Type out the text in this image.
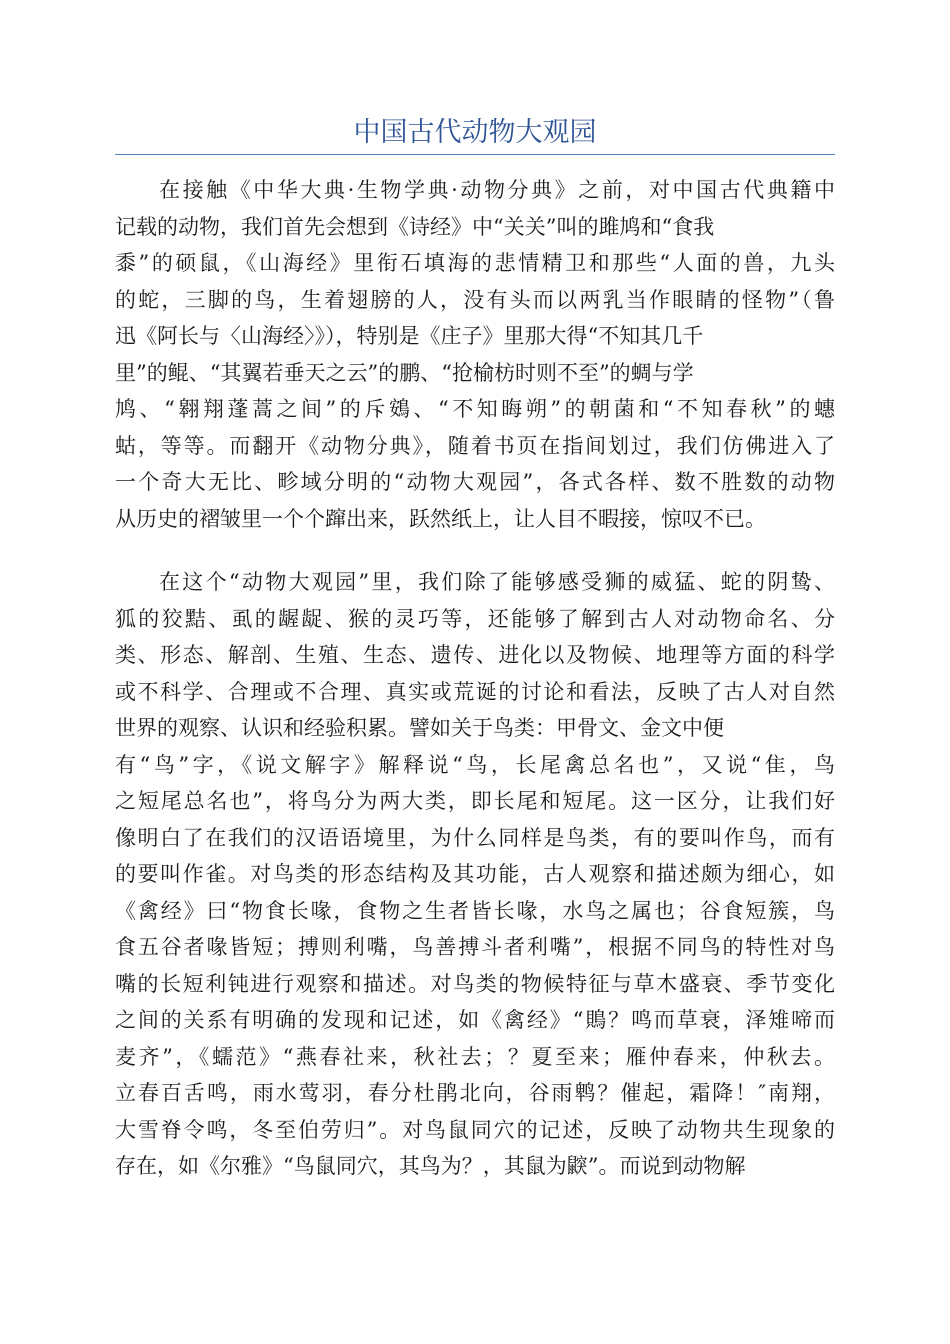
中国古代动物大观园

在接触《中华大典·生物学典·动物分典》之前，对中国古代典籍中
记载的动物，我们首先会想到《诗经》中“关关”叫的雎鸠和“食我
黍”的硕鼠，《山海经》里衔石填海的悲情精卫和那些“人面的兽，九头
的蛇，三脚的鸟，生着翅膀的人，没有头而以两乳当作眼睛的怪物”（鲁
迅《阿长与〈山海经〉》），特别是《庄子》里那大得“不知其几千
里”的鲲、“其翼若垂天之云”的鹏、“抢榆枋时则不至”的蜩与学
鸠、“翱翔蓬蒿之间”的斥鴳、“不知晦朔”的朝菌和“不知春秋”的蟪
蛄，等等。而翻开《动物分典》，随着书页在指间划过，我们仿佛进入了
一个奇大无比、畛域分明的“动物大观园”，各式各样、数不胜数的动物
从历史的褶皱里一个个蹿出来，跃然纸上，让人目不暇接，惊叹不已。

在这个“动物大观园”里，我们除了能够感受狮的威猛、蛇的阴鸷、
狐的狡黠、虱的龌龊、猴的灵巧等，还能够了解到古人对动物命名、分
类、形态、解剖、生殖、生态、遗传、进化以及物候、地理等方面的科学
或不科学、合理或不合理、真实或荒诞的讨论和看法，反映了古人对自然
世界的观察、认识和经验积累。譬如关于鸟类：甲骨文、金文中便
有“鸟”字，《说文解字》解释说“鸟，长尾禽总名也”，又说“隹，鸟
之短尾总名也”，将鸟分为两大类，即长尾和短尾。这一区分，让我们好
像明白了在我们的汉语语境里，为什么同样是鸟类，有的要叫作鸟，而有
的要叫作雀。对鸟类的形态结构及其功能，古人观察和描述颇为细心，如
《禽经》曰“物食长喙，食物之生者皆长喙，水鸟之属也；谷食短簇，鸟
食五谷者喙皆短；搏则利嘴，鸟善搏斗者利嘴”，根据不同鸟的特性对鸟
嘴的长短利钝进行观察和描述。对鸟类的物候特征与草木盛衰、季节变化
之间的关系有明确的发现和记述，如《禽经》“鵙？鸣而草衰，泽雉啼而
麦齐”，《蠕范》“燕春社来，秋社去；？夏至来；雁仲春来，仲秋去。
立春百舌鸣，雨水莺羽，春分杜鹃北向，谷雨鹎？催起，霜降！″南翔，
大雪脊令鸣，冬至伯劳归”。对鸟鼠同穴的记述，反映了动物共生现象的
存在，如《尔雅》“鸟鼠同穴，其鸟为？，其鼠为鼵”。而说到动物解
